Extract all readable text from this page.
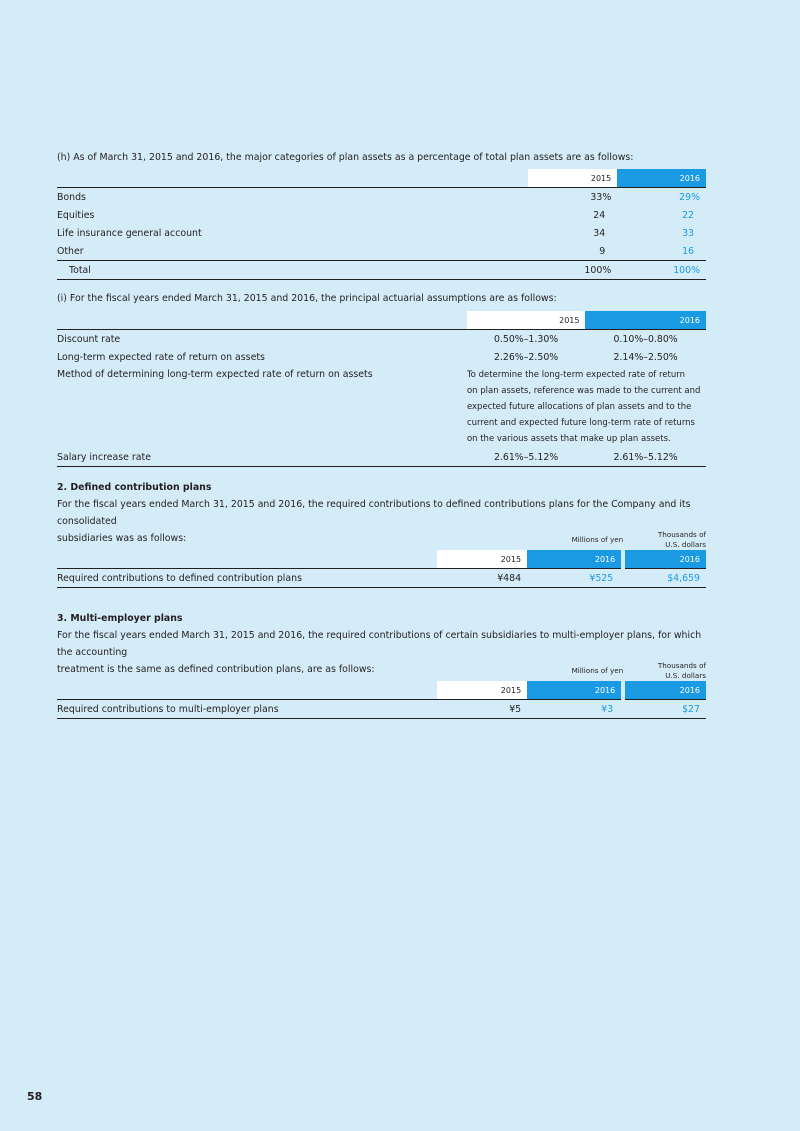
(h) As of March 31, 2015 and 2016, the major categories of plan assets as a percentage of total plan assets are as follows:
	2015	2016
Bonds	33%	29%
Equities	24	22
Life insurance general account	34	33
Other	9	16
Total	100%	100%
(i) For the fiscal years ended March 31, 2015 and 2016, the principal actuarial assumptions are as follows:
	2015	2016
Discount rate	0.50%–1.30%	0.10%–0.80%
Long-term expected rate of return on assets	2.26%–2.50%	2.14%–2.50%
Method of determining long-term expected rate of return on assets	To determine the long-term expected rate of return
on plan assets, reference was made to the current and
expected future allocations of plan assets and to the
current and expected future long-term rate of returns
on the various assets that make up plan assets.	

Salary increase rate	2.61%–5.12%	2.61%–5.12%
2. Defined contribution plans
For the fiscal years ended March 31, 2015 and 2016, the required contributions to defined contributions plans for the Company and its consolidated
subsidiaries was as follows:
		Millions of yen		Thousands of
U.S. dollars

	2015	2016	2016
Required contributions to defined contribution plans	¥484	¥525	$4,659
3. Multi-employer plans
For the fiscal years ended March 31, 2015 and 2016, the required contributions of certain subsidiaries to multi-employer plans, for which the accounting
treatment is the same as defined contribution plans, are as follows:
		Millions of yen		Thousands of
U.S. dollars

	2015	2016	2016
Required contributions to multi-employer plans	¥5	¥3	$27
58
